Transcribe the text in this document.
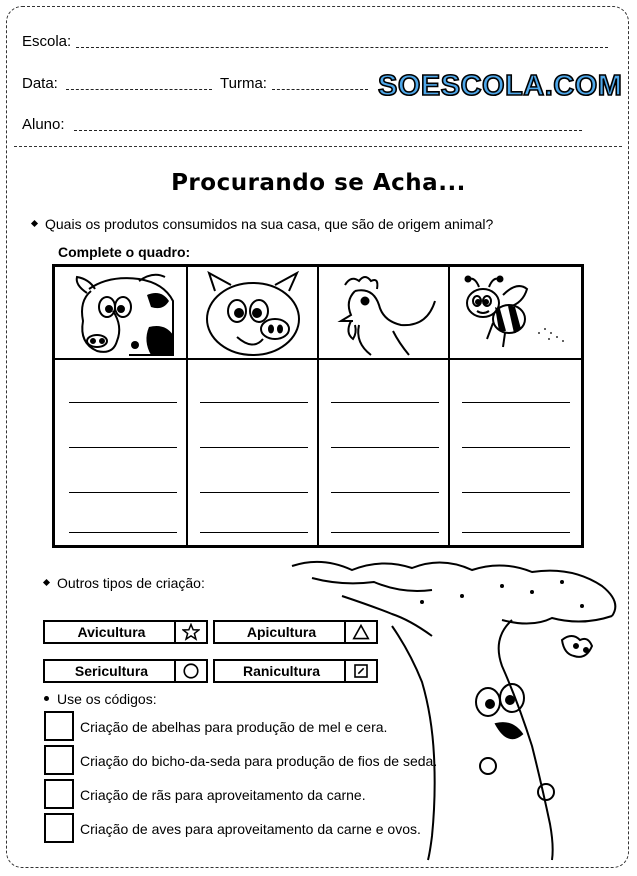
Escola:
Data:	Turma:	SOESCOLA.COM
Aluno:
Procurando se Acha...
Quais os produtos consumidos na sua casa, que são de origem animal?
Complete o quadro:
Outros tipos de criação:
Avicultura	Apicultura
Sericultura	Ranicultura
Use os códigos:
Criação de abelhas para produção de mel e cera.
Criação do bicho-da-seda para produção de fios de seda.
Criação de rãs para aproveitamento da carne.
Criação de aves para aproveitamento da carne e ovos.
